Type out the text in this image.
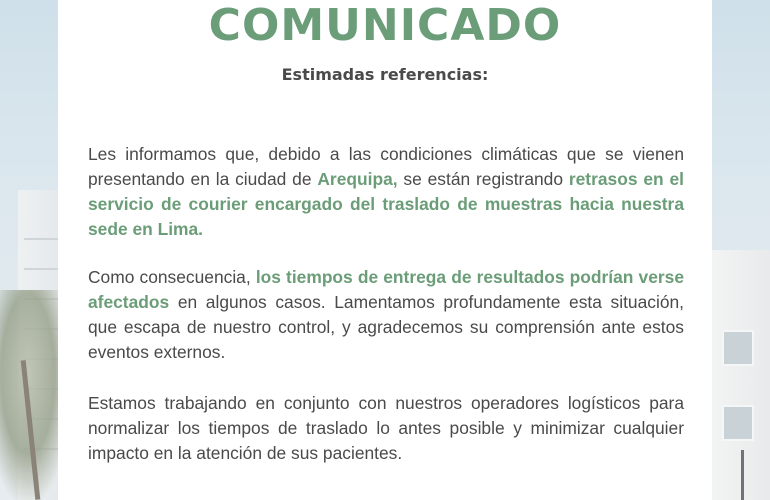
COMUNICADO
Estimadas referencias:

Les informamos que, debido a las condiciones climáticas que se vienen presentando en la ciudad de Arequipa, se están registrando retrasos en el servicio de courier encargado del traslado de muestras hacia nuestra sede en Lima.

Como consecuencia, los tiempos de entrega de resultados podrían verse afectados en algunos casos. Lamentamos profundamente esta situación, que escapa de nuestro control, y agradecemos su comprensión ante estos eventos externos.

Estamos trabajando en conjunto con nuestros operadores logísticos para normalizar los tiempos de traslado lo antes posible y minimizar cualquier impacto en la atención de sus pacientes.
